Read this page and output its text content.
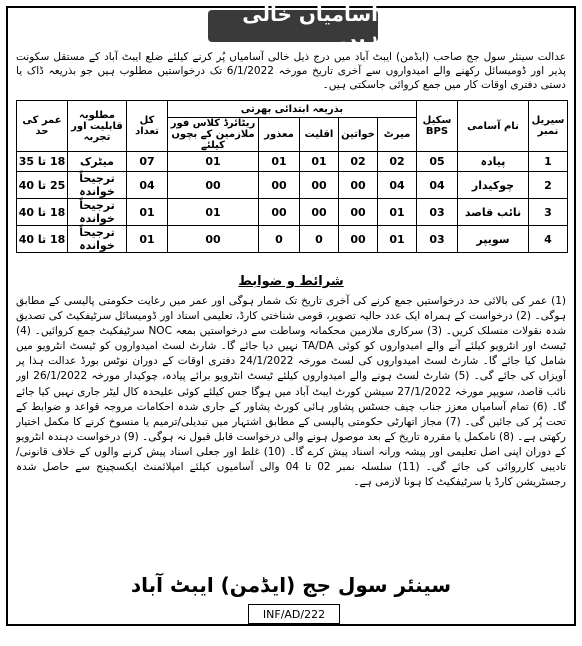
آسامیاں خالی ہیں
عدالت سینئر سول جج صاحب (ایڈمن) ایبٹ آباد میں درج ذیل خالی آسامیاں پُر کرنے کیلئے ضلع ایبٹ آباد کے مستقل سکونت پذیر اور ڈومیسائل رکھنے والے امیدواروں سے آخری تاریخ مورخہ 6/1/2022 تک درخواستیں مطلوب ہیں جو بذریعہ ڈاک یا دستی دفتری اوقات کار میں جمع کروائی جاسکتی ہیں۔
سیریل نمبر	نام آسامی	سکیل BPS	بذریعہ ابتدائی بھرتی					کل تعداد	مطلوبہ قابلیت اور تجربہ	عمر کی حد
			میرٹ	خواتین	اقلیت	معذور	ریٹائرڈ کلاس فور ملازمین کے بچوں کیلئے			
1	پیادہ	05	02	02	01	01	01	07	میٹرک	18 تا 35
2	چوکیدار	04	04	00	00	00	00	04	ترجیحاً خواندہ	25 تا 40
3	نائب قاصد	03	01	00	00	00	01	01	ترجیحاً خواندہ	18 تا 40
4	سویپر	03	01	00	0	0	00	01	ترجیحاً خواندہ	18 تا 40
شرائط و ضوابط
(1) عمر کی بالائی حد درخواستیں جمع کرنے کی آخری تاریخ تک شمار ہوگی اور عمر میں رعایت حکومتی پالیسی کے مطابق ہوگی۔ (2) درخواست کے ہمراہ ایک عدد حالیہ تصویر، قومی شناختی کارڈ، تعلیمی اسناد اور ڈومیسائل سرٹیفکیٹ کی تصدیق شدہ نقولات منسلک کریں۔ (3) سرکاری ملازمین محکمانہ وساطت سے درخواستیں بمعہ NOC سرٹیفکیٹ جمع کروائیں۔ (4) ٹیسٹ اور انٹرویو کیلئے آنے والے امیدواروں کو کوئی TA/DA نہیں دیا جائے گا۔ شارٹ لسٹ امیدواروں کو ٹیسٹ انٹرویو میں شامل کیا جائے گا۔ شارٹ لسٹ امیدواروں کی لسٹ مورخہ 24/1/2022 دفتری اوقات کے دوران نوٹس بورڈ عدالت ہذا پر آویزاں کی جائے گی۔ (5) شارٹ لسٹ ہونے والے امیدواروں کیلئے ٹیسٹ انٹرویو برائے پیادہ، چوکیدار مورخہ 26/1/2022 اور نائب قاصد، سویپر مورخہ 27/1/2022 سیشن کورٹ ایبٹ آباد میں ہوگا جس کیلئے کوئی علیحدہ کال لیٹر جاری نہیں کیا جائے گا۔ (6) تمام آسامیاں معزز جناب چیف جسٹس پشاور ہائی کورٹ پشاور کے جاری شدہ احکامات مروجہ قواعد و ضوابط کے تحت پُر کی جائیں گی۔ (7) مجاز اتھارٹی حکومتی پالیسی کے مطابق اشتہار میں تبدیلی/ترمیم یا منسوخ کرنے کا مکمل اختیار رکھتی ہے۔ (8) نامکمل یا مقررہ تاریخ کے بعد موصول ہونے والی درخواست قابل قبول نہ ہوگی۔ (9) درخواست دہندہ انٹرویو کے دوران اپنی اصل تعلیمی اور پیشہ ورانہ اسناد پیش کرے گا۔ (10) غلط اور جعلی اسناد پیش کرنے والوں کے خلاف قانونی/تادیبی کارروائی کی جائے گی۔ (11) سلسلہ نمبر 02 تا 04 والی آسامیوں کیلئے امپلائمنٹ ایکسچینج سے حاصل شدہ رجسٹریشن کارڈ یا سرٹیفکیٹ کا ہونا لازمی ہے۔
سینئر سول جج (ایڈمن) ایبٹ آباد
INF/AD/222
